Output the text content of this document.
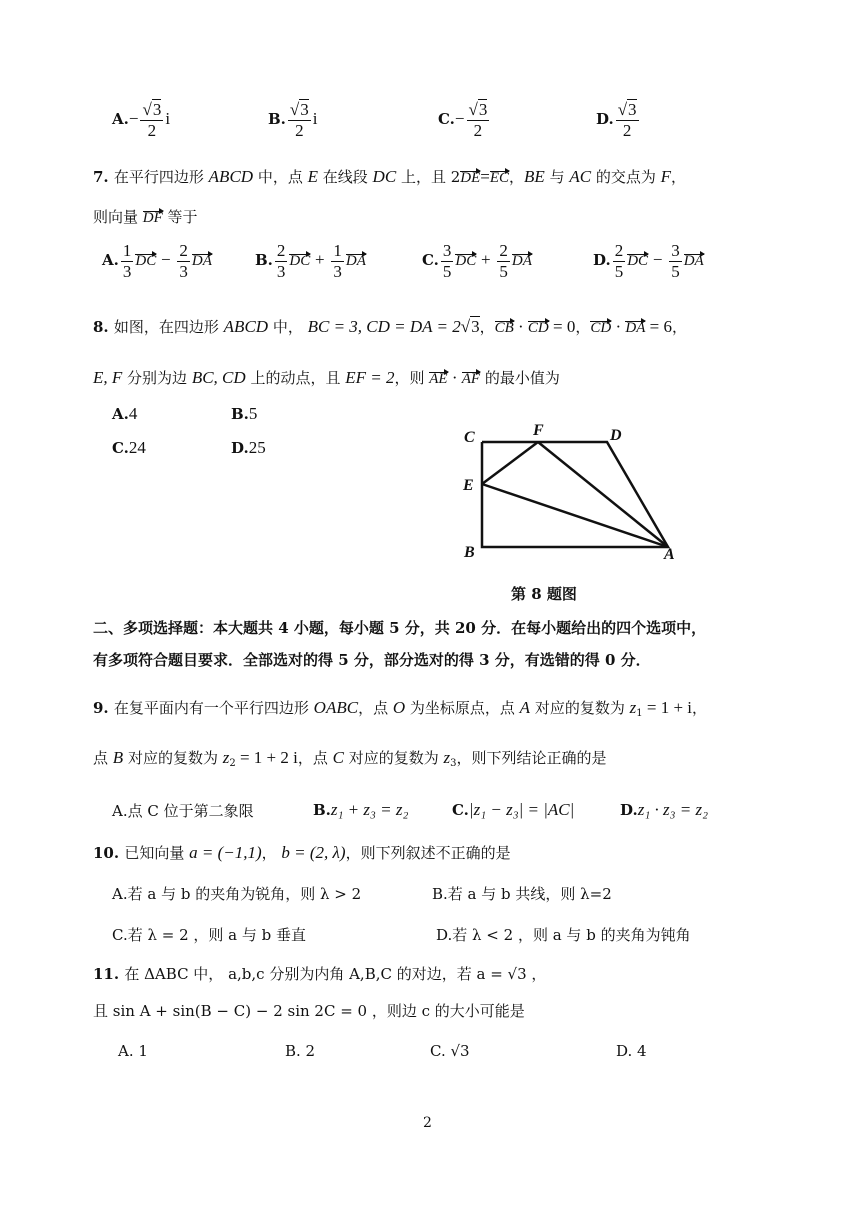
$A.- \frac{√3}{2}$ i	B. $\frac{√3}{2}$ i	$C.- \frac{√3}{2}$	D. $\frac{√3}{2}$
7. 在平行四边形 ABCD 中，点 E 在线段 DC 上，且 2DE=EC，BE 与 AC 的交点为 F，
则向量 DF 等于
A. $\frac{1}{3}$ DC − $\frac{2}{3}$ DA	B. $\frac{2}{3}$ DC + $\frac{1}{3}$ DA	C. $\frac{3}{5}$ DC + $\frac{2}{5}$ DA	D. $\frac{2}{5}$ DC − $\frac{3}{5}$ DA
8. 如图，在四边形 ABCD 中， BC = 3, CD = DA = 2√3，CB · CD = 0，CD · DA = 6，
E, F 分别为边 BC, CD 上的动点，且 EF = 2，则 AE · AF 的最小值为
A.4	B.5
C.24	D.25
C	F	D
E
B	A
第 8 题图
二、多项选择题：本大题共 4 小题，每小题 5 分，共 20 分．在每小题给出的四个选项中，
有多项符合题目要求．全部选对的得 5 分，部分选对的得 3 分，有选错的得 0 分．
9. 在复平面内有一个平行四边形 OABC，点 O 为坐标原点，点 A 对应的复数为 $z_1 = 1 + i$，
点 B 对应的复数为 $z_2 = 1 + 2$ i，点 C 对应的复数为 $z_3$，则下列结论正确的是
A.点 C 位于第二象限	B.z₁ + z₃ = z₂	C.|z₁ − z₃| = |AC|	D.z₁ · z₃ = z₂
10. 已知向量 a = (−1,1)， b = (2, λ)，则下列叙述不正确的是
A.若 a 与 b 的夹角为锐角，则 λ > 2	B.若 a 与 b 共线，则 λ=2
C.若 λ = 2 ，则 a 与 b 垂直	D.若 λ < 2 ，则 a 与 b 的夹角为钝角
11. 在 ΔABC 中， a,b,c 分别为内角 A,B,C 的对边，若 a = √3 ，
且 sin A + sin(B − C) − 2 sin 2C = 0 ，则边 c 的大小可能是
A. 1	B. 2	C. √3	D. 4
2
